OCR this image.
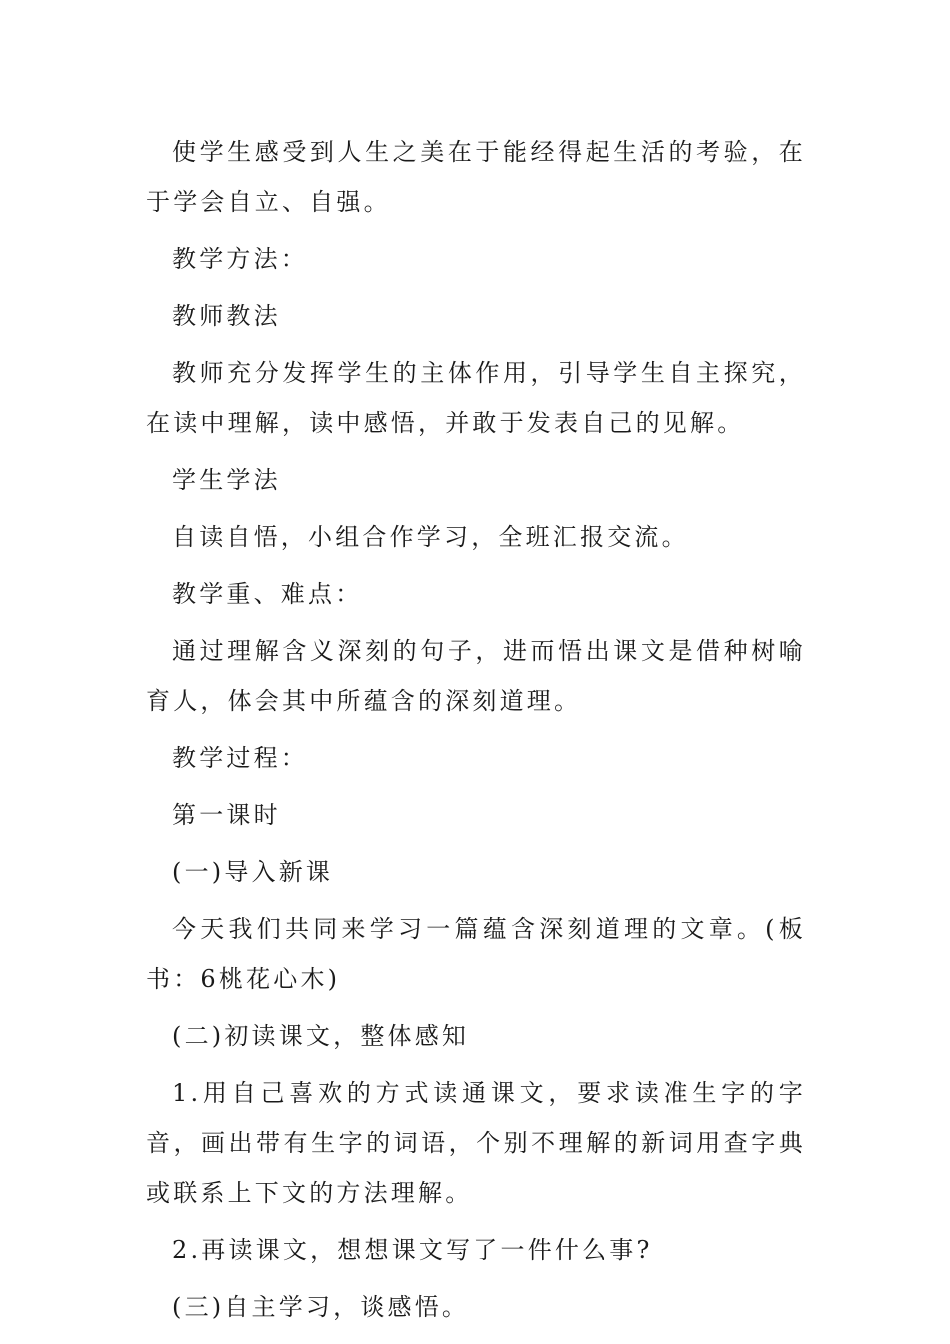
使学生感受到人生之美在于能经得起生活的考验，在于学会自立、自强。

教学方法：

教师教法

教师充分发挥学生的主体作用，引导学生自主探究，在读中理解，读中感悟，并敢于发表自己的见解。

学生学法

自读自悟，小组合作学习，全班汇报交流。

教学重、难点：

通过理解含义深刻的句子，进而悟出课文是借种树喻育人，体会其中所蕴含的深刻道理。

教学过程：

第一课时

(一)导入新课

今天我们共同来学习一篇蕴含深刻道理的文章。(板书：6桃花心木)

(二)初读课文，整体感知

1.用自己喜欢的方式读通课文，要求读准生字的字音，画出带有生字的词语，个别不理解的新词用查字典或联系上下文的方法理解。

2.再读课文，想想课文写了一件什么事?

(三)自主学习，谈感悟。
